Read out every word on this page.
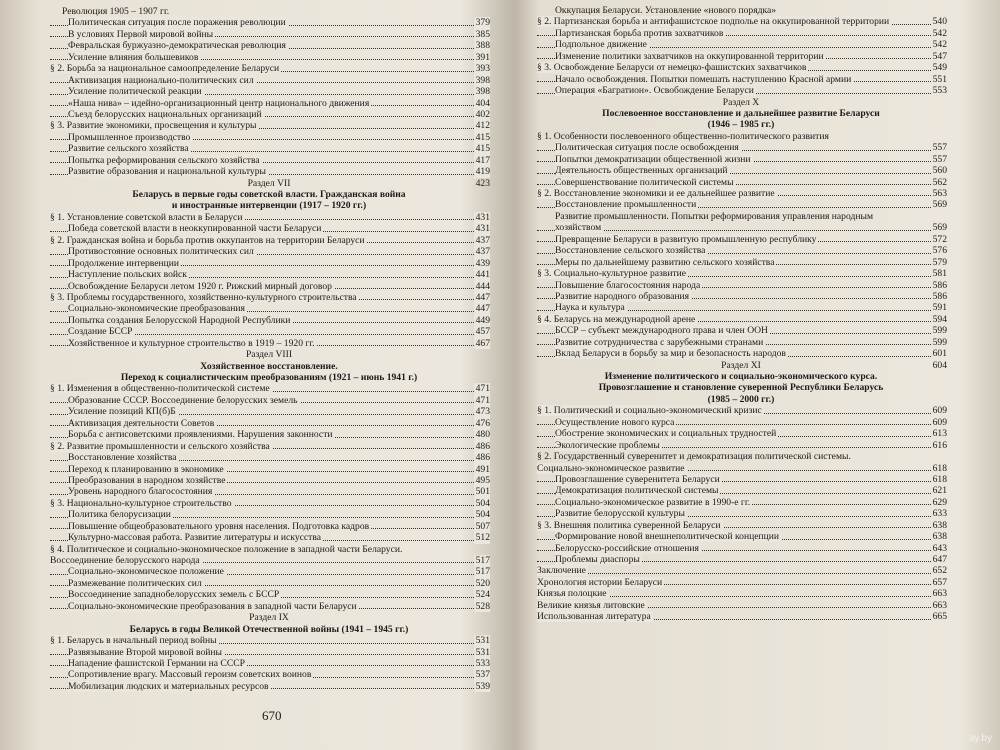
Революция 1905 – 1907 гг.
Политическая ситуация после поражения революции	379
В условиях Первой мировой войны	385
Февральская буржуазно-демократическая революция	388
Усиление влияния большевиков	391
§ 2. Борьба за национальное самоопределение Беларуси	393
Активизация национально-политических сил	398
Усиление политической реакции	398
«Наша нива» – идейно-организационный центр национального движения	404
Съезд белорусских национальных организаций	402
§ 3. Развитие экономики, просвещения и культуры	412
Промышленное производство	415
Развитие сельского хозяйства	415
Попытка реформирования сельского хозяйства	417
Развитие образования и национальной культуры	419
Раздел VII	423
Беларусь в первые годы советской власти. Гражданская война
и иностранные интервенции (1917 – 1920 гг.)
§ 1. Установление советской власти в Беларуси	431
Победа советской власти в неоккупированной части Беларуси	431
§ 2. Гражданская война и борьба против оккупантов на территории Беларуси	437
Противостояние основных политических сил	437
Продолжение интервенции	439
Наступление польских войск	441
Освобождение Беларуси летом 1920 г. Рижский мирный договор	444
§ 3. Проблемы государственного, хозяйственно-культурного строительства	447
Социально-экономические преобразования	447
Попытка создания Белорусской Народной Республики	449
Создание БССР	457
Хозяйственное и культурное строительство в 1919 – 1920 гг.	467
Раздел VIII
Хозяйственное восстановление.
Переход к социалистическим преобразованиям (1921 – июнь 1941 г.)
§ 1. Изменения в общественно-политической системе	471
Образование СССР. Воссоединение белорусских земель	471
Усиление позиций КП(б)Б	473
Активизация деятельности Советов	476
Борьба с антисоветскими проявлениями. Нарушения законности	480
§ 2. Развитие промышленности и сельского хозяйства	486
Восстановление хозяйства	486
Переход к планированию в экономике	491
Преобразования в народном хозяйстве	495
Уровень народного благосостояния	501
§ 3. Национально-культурное строительство	504
Политика белорусизации	504
Повышение общеобразовательного уровня населения. Подготовка кадров	507
Культурно-массовая работа. Развитие литературы и искусства	512
§ 4. Политическое и социально-экономическое положение в западной части Беларуси.
Воссоединение белорусского народа	517
Социально-экономическое положение	517
Размежевание политических сил	520
Воссоединение западнобелорусских земель с БССР	524
Социально-экономические преобразования в западной части Беларуси	528
Раздел IX
Беларусь в годы Великой Отечественной войны (1941 – 1945 гг.)
§ 1. Беларусь в начальный период войны	531
Развязывание Второй мировой войны	531
Нападение фашистской Германии на СССР	533
Сопротивление врагу. Массовый героизм советских воинов	537
Мобилизация людских и материальных ресурсов	539
Оккупация Беларуси. Установление «нового порядка»
§ 2. Партизанская борьба и антифашистское подполье на оккупированной территории	540
Партизанская борьба против захватчиков	542
Подпольное движение	542
Изменение политики захватчиков на оккупированной территории	547
§ 3. Освобождение Беларуси от немецко-фашистских захватчиков	549
Начало освобождения. Попытки помешать наступлению Красной армии	551
Операция «Багратион». Освобождение Беларуси	553
Раздел X
Послевоенное восстановление и дальнейшее развитие Беларуси
(1946 – 1985 гг.)
§ 1. Особенности послевоенного общественно-политического развития
Политическая ситуация после освобождения	557
Попытки демократизации общественной жизни	557
Деятельность общественных организаций	560
Совершенствование политической системы	562
§ 2. Восстановление экономики и ее дальнейшее развитие	563
Восстановление промышленности	569
Развитие промышленности. Попытки реформирования управления народным
хозяйством	569
Превращение Беларуси в развитую промышленную республику	572
Восстановление сельского хозяйства	576
Меры по дальнейшему развитию сельского хозяйства	579
§ 3. Социально-культурное развитие	581
Повышение благосостояния народа	586
Развитие народного образования	586
Наука и культура	591
§ 4. Беларусь на международной арене	594
БССР – субъект международного права и член ООН	599
Развитие сотрудничества с зарубежными странами	599
Вклад Беларуси в борьбу за мир и безопасность народов	601
Раздел XI	604
Изменение политического и социально-экономического курса.
Провозглашение и становление суверенной Республики Беларусь
(1985 – 2000 гг.)
§ 1. Политический и социально-экономический кризис	609
Осуществление нового курса	609
Обострение экономических и социальных трудностей	613
Экологические проблемы	616
§ 2. Государственный суверенитет и демократизация политической системы.
Социально-экономическое развитие	618
Провозглашение суверенитета Беларуси	618
Демократизация политической системы	621
Социально-экономическое развитие в 1990-е гг.	629
Развитие белорусской культуры	633
§ 3. Внешняя политика суверенной Беларуси	638
Формирование новой внешнеполитической концепции	638
Белорусско-российские отношения	643
Проблемы диаспоры	647
Заключение	652
Хронология истории Беларуси	657
Князья полоцкие	663
Великие князья литовские	663
Использованная литература	665
670
ay.by
